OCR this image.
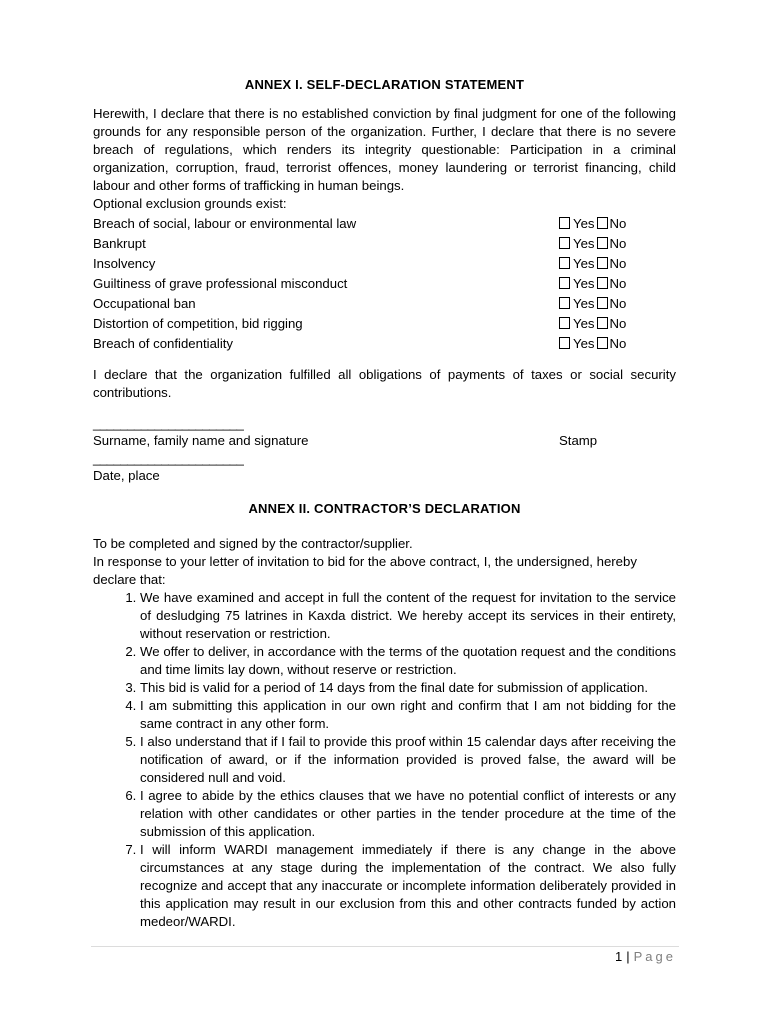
ANNEX I. SELF-DECLARATION STATEMENT
Herewith, I declare that there is no established conviction by final judgment for one of the following grounds for any responsible person of the organization. Further, I declare that there is no severe breach of regulations, which renders its integrity questionable: Participation in a criminal organization, corruption, fraud, terrorist offences, money laundering or terrorist financing, child labour and other forms of trafficking in human beings.
Optional exclusion grounds exist:
Breach of social, labour or environmental law	Yes No
Bankrupt	Yes No
Insolvency	Yes No
Guiltiness of grave professional misconduct	Yes No
Occupational ban	Yes No
Distortion of competition, bid rigging	Yes No
Breach of confidentiality	Yes No
I declare that the organization fulfilled all obligations of payments of taxes or social security contributions.
______________________
Surname, family name and signature	Stamp
______________________
Date, place
ANNEX II. CONTRACTOR’S DECLARATION
To be completed and signed by the contractor/supplier.
In response to your letter of invitation to bid for the above contract, I, the undersigned, hereby declare that:
1. We have examined and accept in full the content of the request for invitation to the service of desludging 75 latrines in Kaxda district. We hereby accept its services in their entirety, without reservation or restriction.
2. We offer to deliver, in accordance with the terms of the quotation request and the conditions and time limits lay down, without reserve or restriction.
3. This bid is valid for a period of 14 days from the final date for submission of application.
4. I am submitting this application in our own right and confirm that I am not bidding for the same contract in any other form.
5. I also understand that if I fail to provide this proof within 15 calendar days after receiving the notification of award, or if the information provided is proved false, the award will be considered null and void.
6. I agree to abide by the ethics clauses that we have no potential conflict of interests or any relation with other candidates or other parties in the tender procedure at the time of the submission of this application.
7. I will inform WARDI management immediately if there is any change in the above circumstances at any stage during the implementation of the contract. We also fully recognize and accept that any inaccurate or incomplete information deliberately provided in this application may result in our exclusion from this and other contracts funded by action medeor/WARDI.
1 | Page
